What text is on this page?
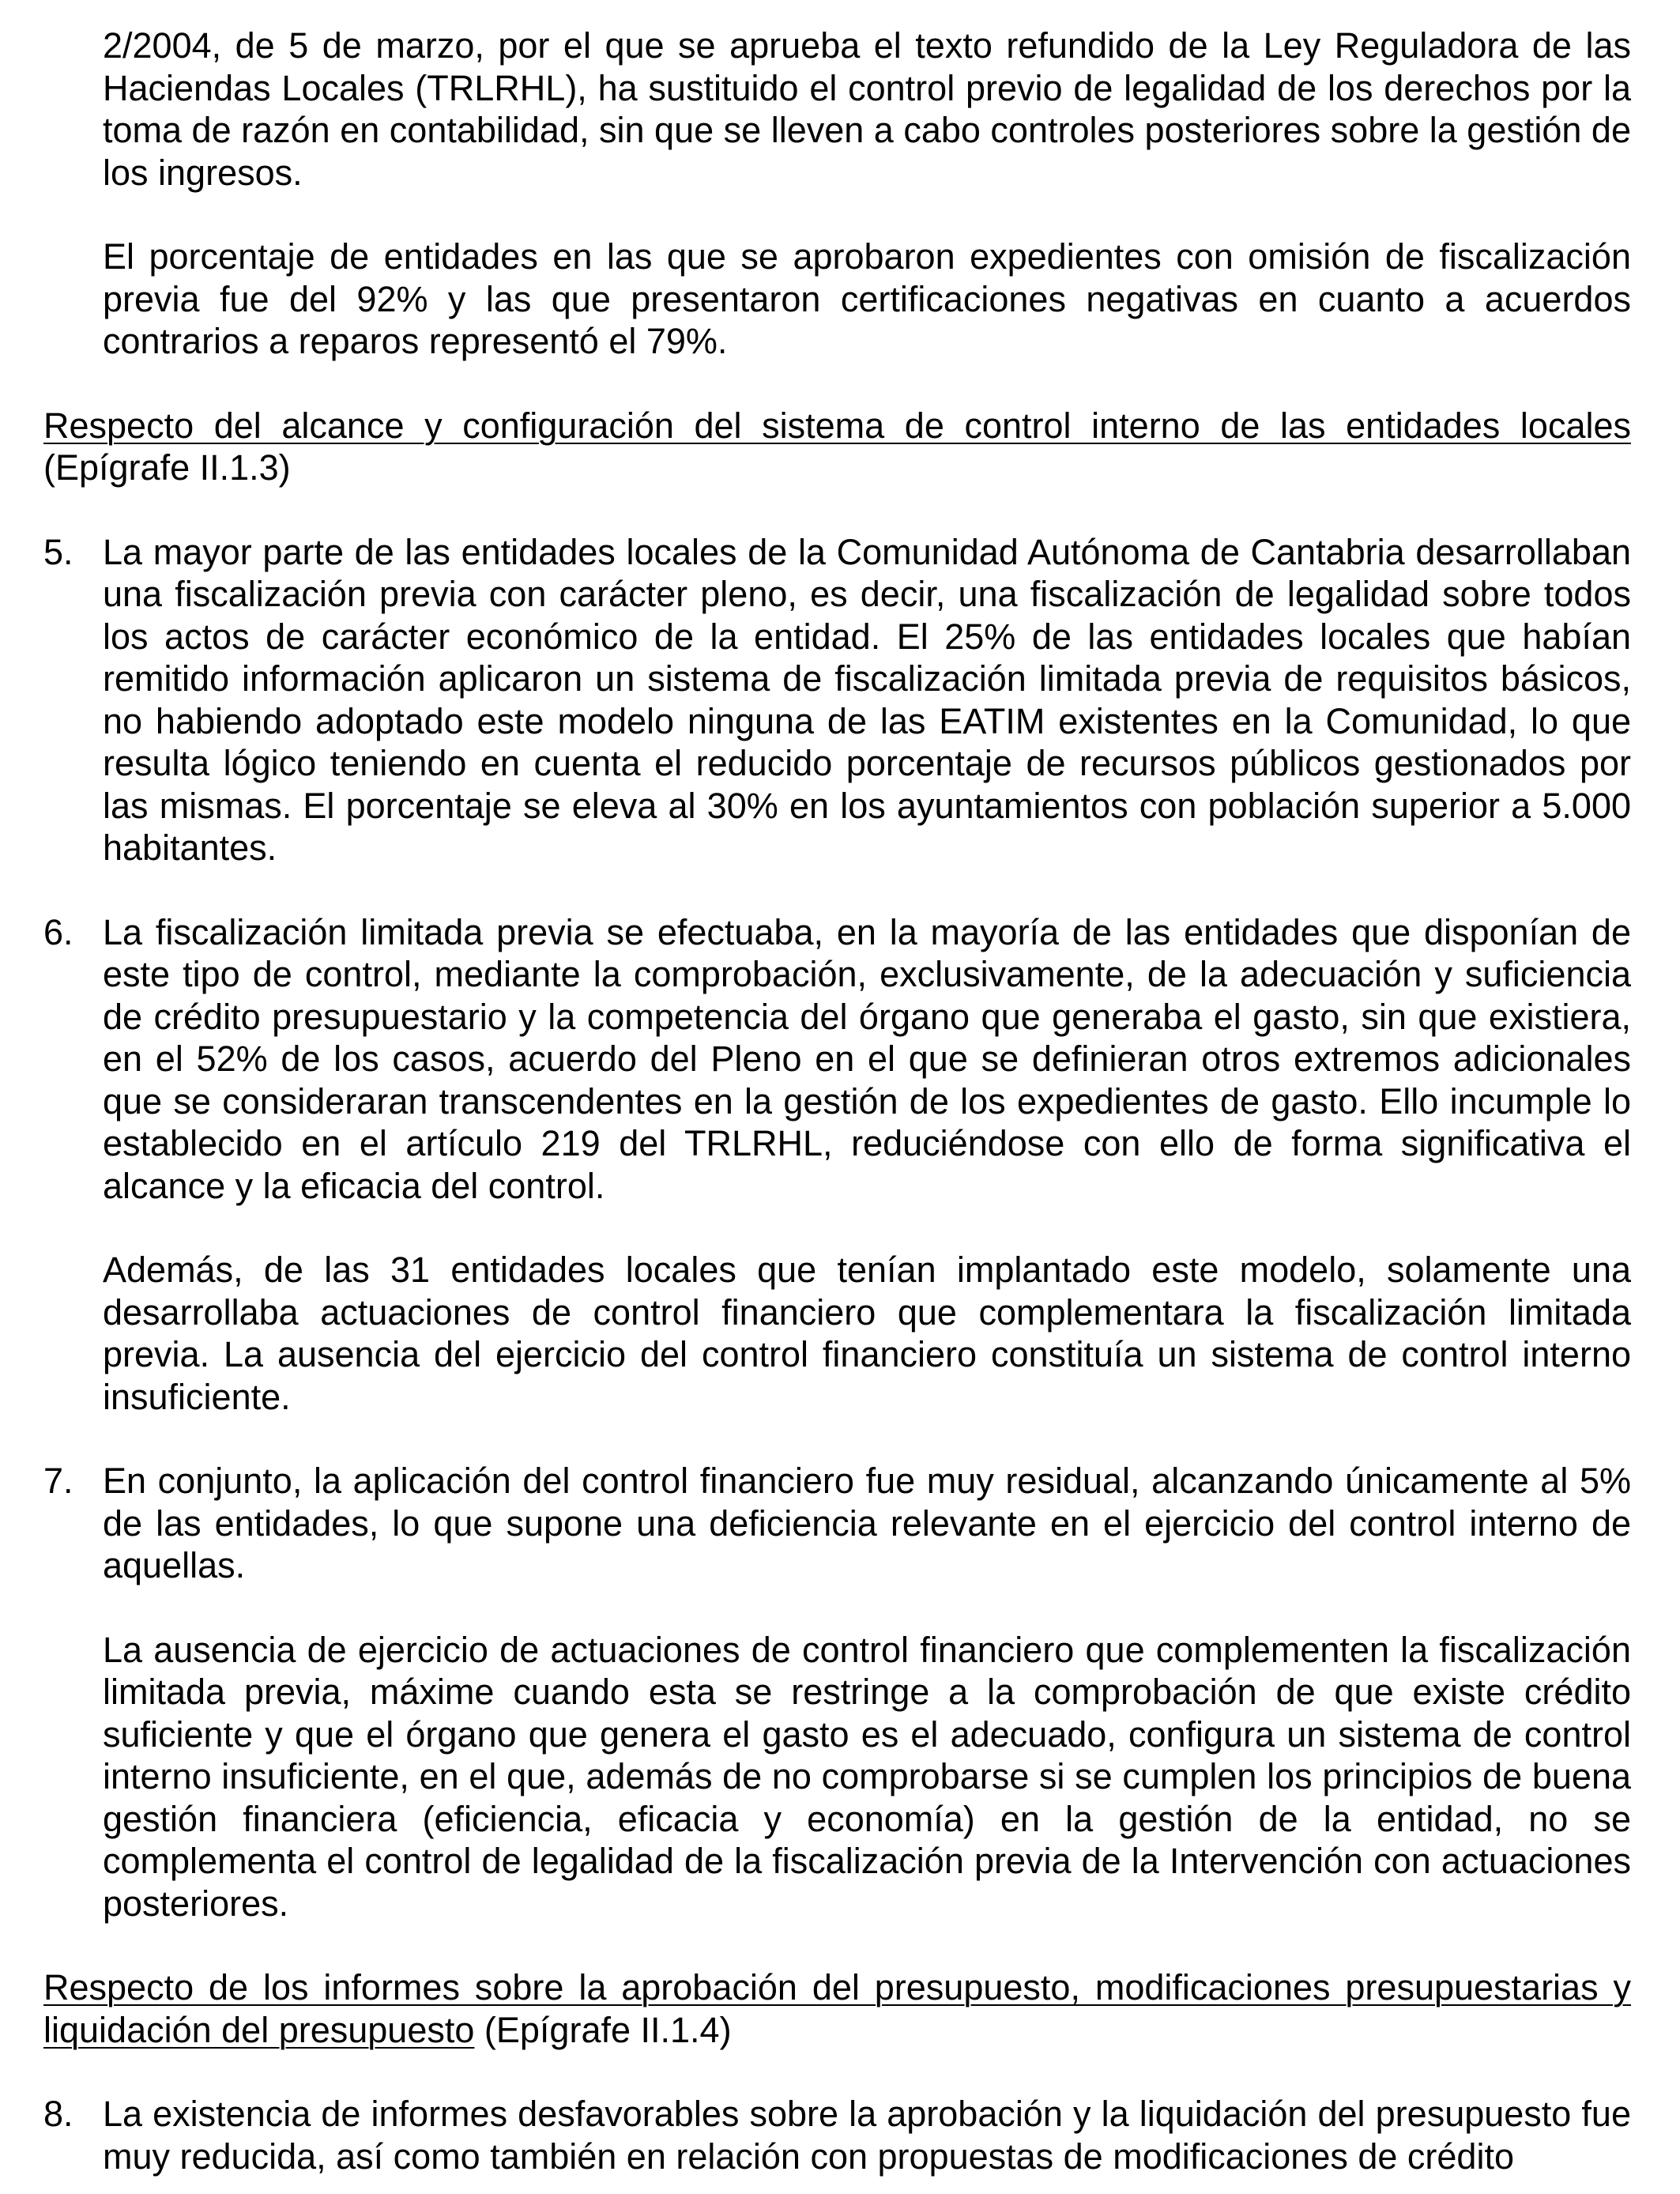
2/2004, de 5 de marzo, por el que se aprueba el texto refundido de la Ley Reguladora de las Haciendas Locales (TRLRHL), ha sustituido el control previo de legalidad de los derechos por la toma de razón en contabilidad, sin que se lleven a cabo controles posteriores sobre la gestión de los ingresos.

El porcentaje de entidades en las que se aprobaron expedientes con omisión de fiscalización previa fue del 92% y las que presentaron certificaciones negativas en cuanto a acuerdos contrarios a reparos representó el 79%.

Respecto del alcance y configuración del sistema de control interno de las entidades locales (Epígrafe II.1.3)

5. La mayor parte de las entidades locales de la Comunidad Autónoma de Cantabria desarrollaban una fiscalización previa con carácter pleno, es decir, una fiscalización de legalidad sobre todos los actos de carácter económico de la entidad. El 25% de las entidades locales que habían remitido información aplicaron un sistema de fiscalización limitada previa de requisitos básicos, no habiendo adoptado este modelo ninguna de las EATIM existentes en la Comunidad, lo que resulta lógico teniendo en cuenta el reducido porcentaje de recursos públicos gestionados por las mismas. El porcentaje se eleva al 30% en los ayuntamientos con población superior a 5.000 habitantes.

6. La fiscalización limitada previa se efectuaba, en la mayoría de las entidades que disponían de este tipo de control, mediante la comprobación, exclusivamente, de la adecuación y suficiencia de crédito presupuestario y la competencia del órgano que generaba el gasto, sin que existiera, en el 52% de los casos, acuerdo del Pleno en el que se definieran otros extremos adicionales que se consideraran transcendentes en la gestión de los expedientes de gasto. Ello incumple lo establecido en el artículo 219 del TRLRHL, reduciéndose con ello de forma significativa el alcance y la eficacia del control.

Además, de las 31 entidades locales que tenían implantado este modelo, solamente una desarrollaba actuaciones de control financiero que complementara la fiscalización limitada previa. La ausencia del ejercicio del control financiero constituía un sistema de control interno insuficiente.

7. En conjunto, la aplicación del control financiero fue muy residual, alcanzando únicamente al 5% de las entidades, lo que supone una deficiencia relevante en el ejercicio del control interno de aquellas.

La ausencia de ejercicio de actuaciones de control financiero que complementen la fiscalización limitada previa, máxime cuando esta se restringe a la comprobación de que existe crédito suficiente y que el órgano que genera el gasto es el adecuado, configura un sistema de control interno insuficiente, en el que, además de no comprobarse si se cumplen los principios de buena gestión financiera (eficiencia, eficacia y economía) en la gestión de la entidad, no se complementa el control de legalidad de la fiscalización previa de la Intervención con actuaciones posteriores.

Respecto de los informes sobre la aprobación del presupuesto, modificaciones presupuestarias y liquidación del presupuesto (Epígrafe II.1.4)

8. La existencia de informes desfavorables sobre la aprobación y la liquidación del presupuesto fue muy reducida, así como también en relación con propuestas de modificaciones de crédito
